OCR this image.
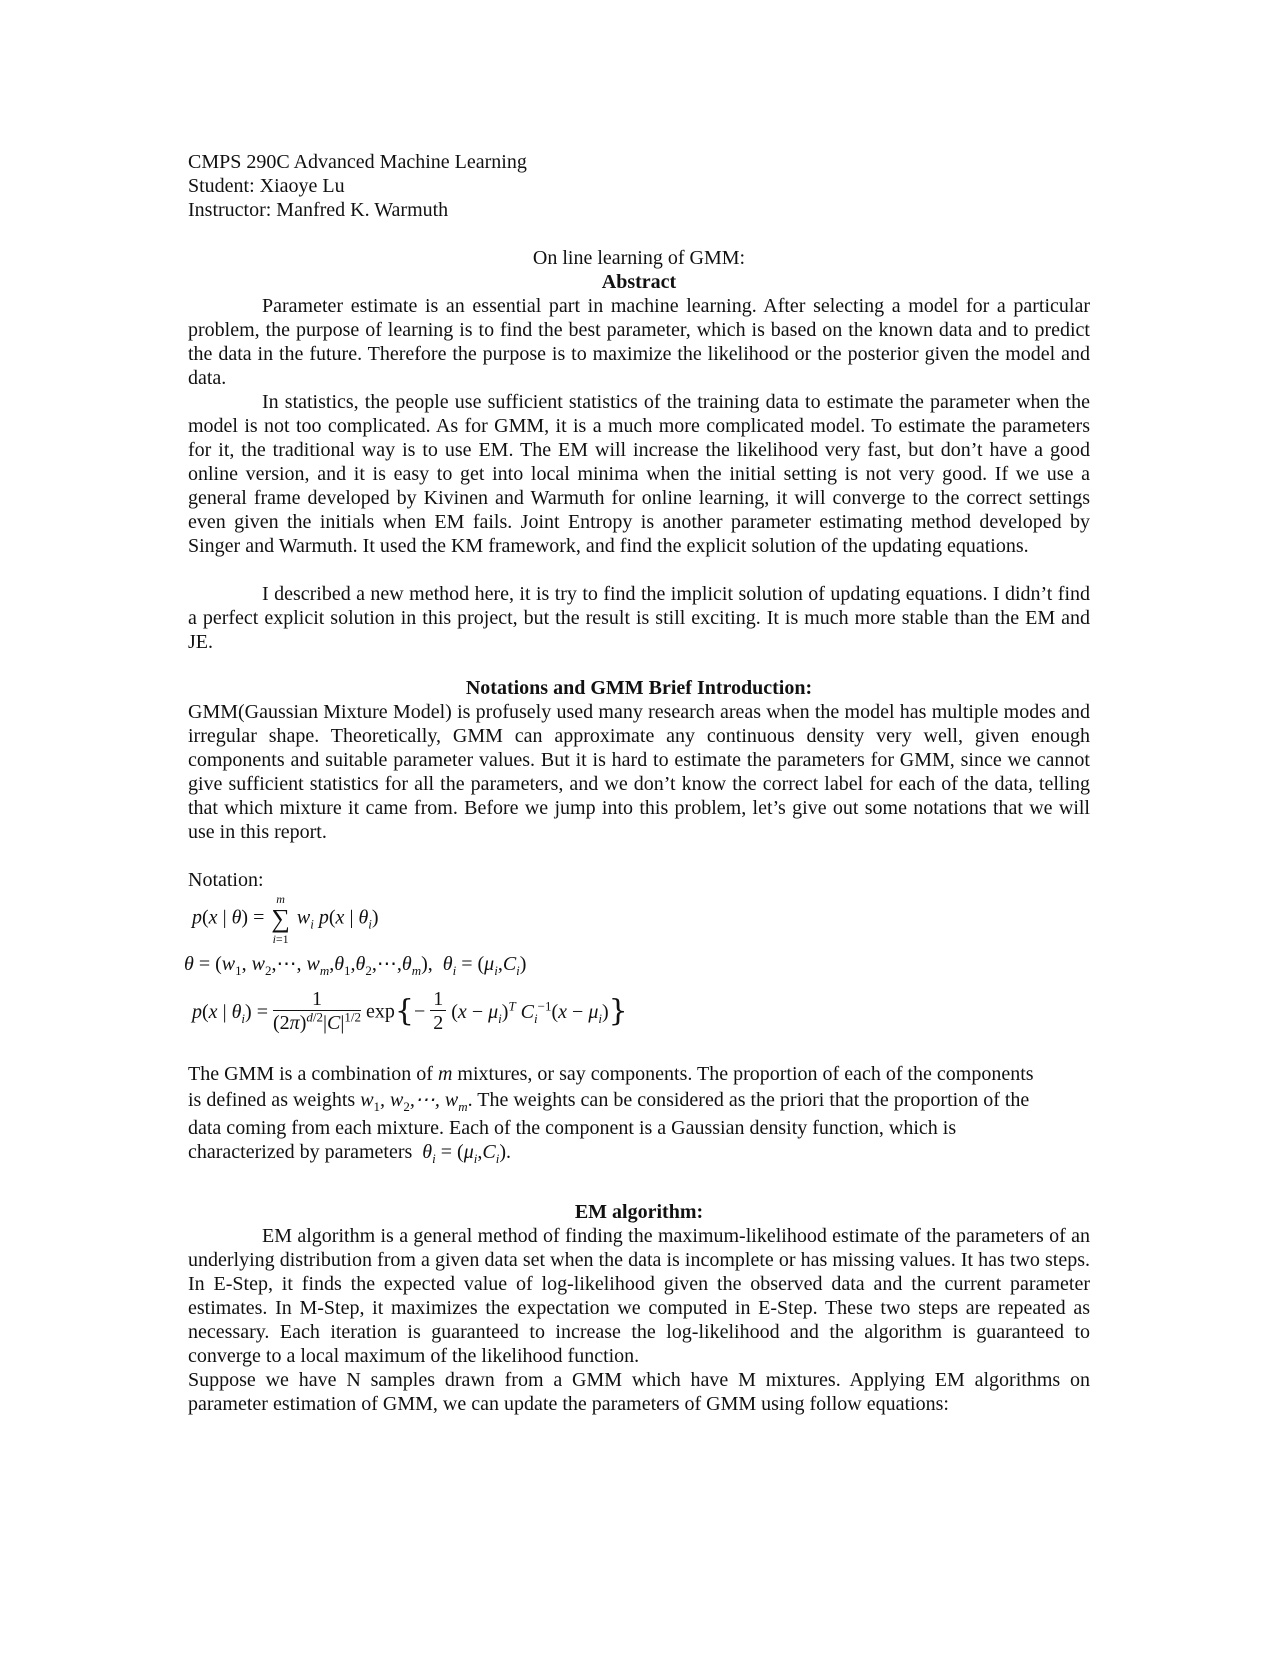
CMPS 290C Advanced Machine Learning
Student: Xiaoye Lu
Instructor: Manfred K. Warmuth
On line learning of GMM:
Abstract
Parameter estimate is an essential part in machine learning. After selecting a model for a particular problem, the purpose of learning is to find the best parameter, which is based on the known data and to predict the data in the future. Therefore the purpose is to maximize the likelihood or the posterior given the model and data.
In statistics, the people use sufficient statistics of the training data to estimate the parameter when the model is not too complicated. As for GMM, it is a much more complicated model. To estimate the parameters for it, the traditional way is to use EM. The EM will increase the likelihood very fast, but don’t have a good online version, and it is easy to get into local minima when the initial setting is not very good. If we use a general frame developed by Kivinen and Warmuth for online learning, it will converge to the correct settings even given the initials when EM fails. Joint Entropy is another parameter estimating method developed by Singer and Warmuth. It used the KM framework, and find the explicit solution of the updating equations.
I described a new method here, it is try to find the implicit solution of updating equations. I didn’t find a perfect explicit solution in this project, but the result is still exciting. It is much more stable than the EM and JE.
Notations and GMM Brief Introduction:
GMM(Gaussian Mixture Model) is profusely used many research areas when the model has multiple modes and irregular shape. Theoretically, GMM can approximate any continuous density very well, given enough components and suitable parameter values. But it is hard to estimate the parameters for GMM, since we cannot give sufficient statistics for all the parameters, and we don’t know the correct label for each of the data, telling that which mixture it came from. Before we jump into this problem, let’s give out some notations that we will use in this report.
Notation:
p(x | θ) =
m
∑
i=1
$w_i$ p(x | $\theta_i$)
$\theta = (w_1$, $w_2,\cdots$, $w_m,\theta_1,\theta_2,\cdots,\theta_m$),  $\theta_i = (\mu_i,C_i)$
p(x | $\theta_i) = \frac{1}{(2\pi)^{d/2}|C|^{1/2}} \exp\{- \frac{1}{2} (x - \mu_i)^T$ $C_i^{-1}(x - \mu_i)$}
The GMM is a combination of m mixtures, or say components. The proportion of each of the components
is defined as weights $w_1$, $w_2,\cdots$, $w_m$. The weights can be considered as the priori that the proportion of the
data coming from each mixture. Each of the component is a Gaussian density function, which is
characterized by parameters  $\theta_i = (\mu_i,C_i)$.
EM algorithm:
EM algorithm is a general method of finding the maximum-likelihood estimate of the parameters of an underlying distribution from a given data set when the data is incomplete or has missing values. It has two steps. In E-Step, it finds the expected value of log-likelihood given the observed data and the current parameter estimates. In M-Step, it maximizes the expectation we computed in E-Step. These two steps are repeated as necessary. Each iteration is guaranteed to increase the log-likelihood and the algorithm is guaranteed to converge to a local maximum of the likelihood function.
Suppose we have N samples drawn from a GMM which have M mixtures. Applying EM algorithms on parameter estimation of GMM, we can update the parameters of GMM using follow equations:
